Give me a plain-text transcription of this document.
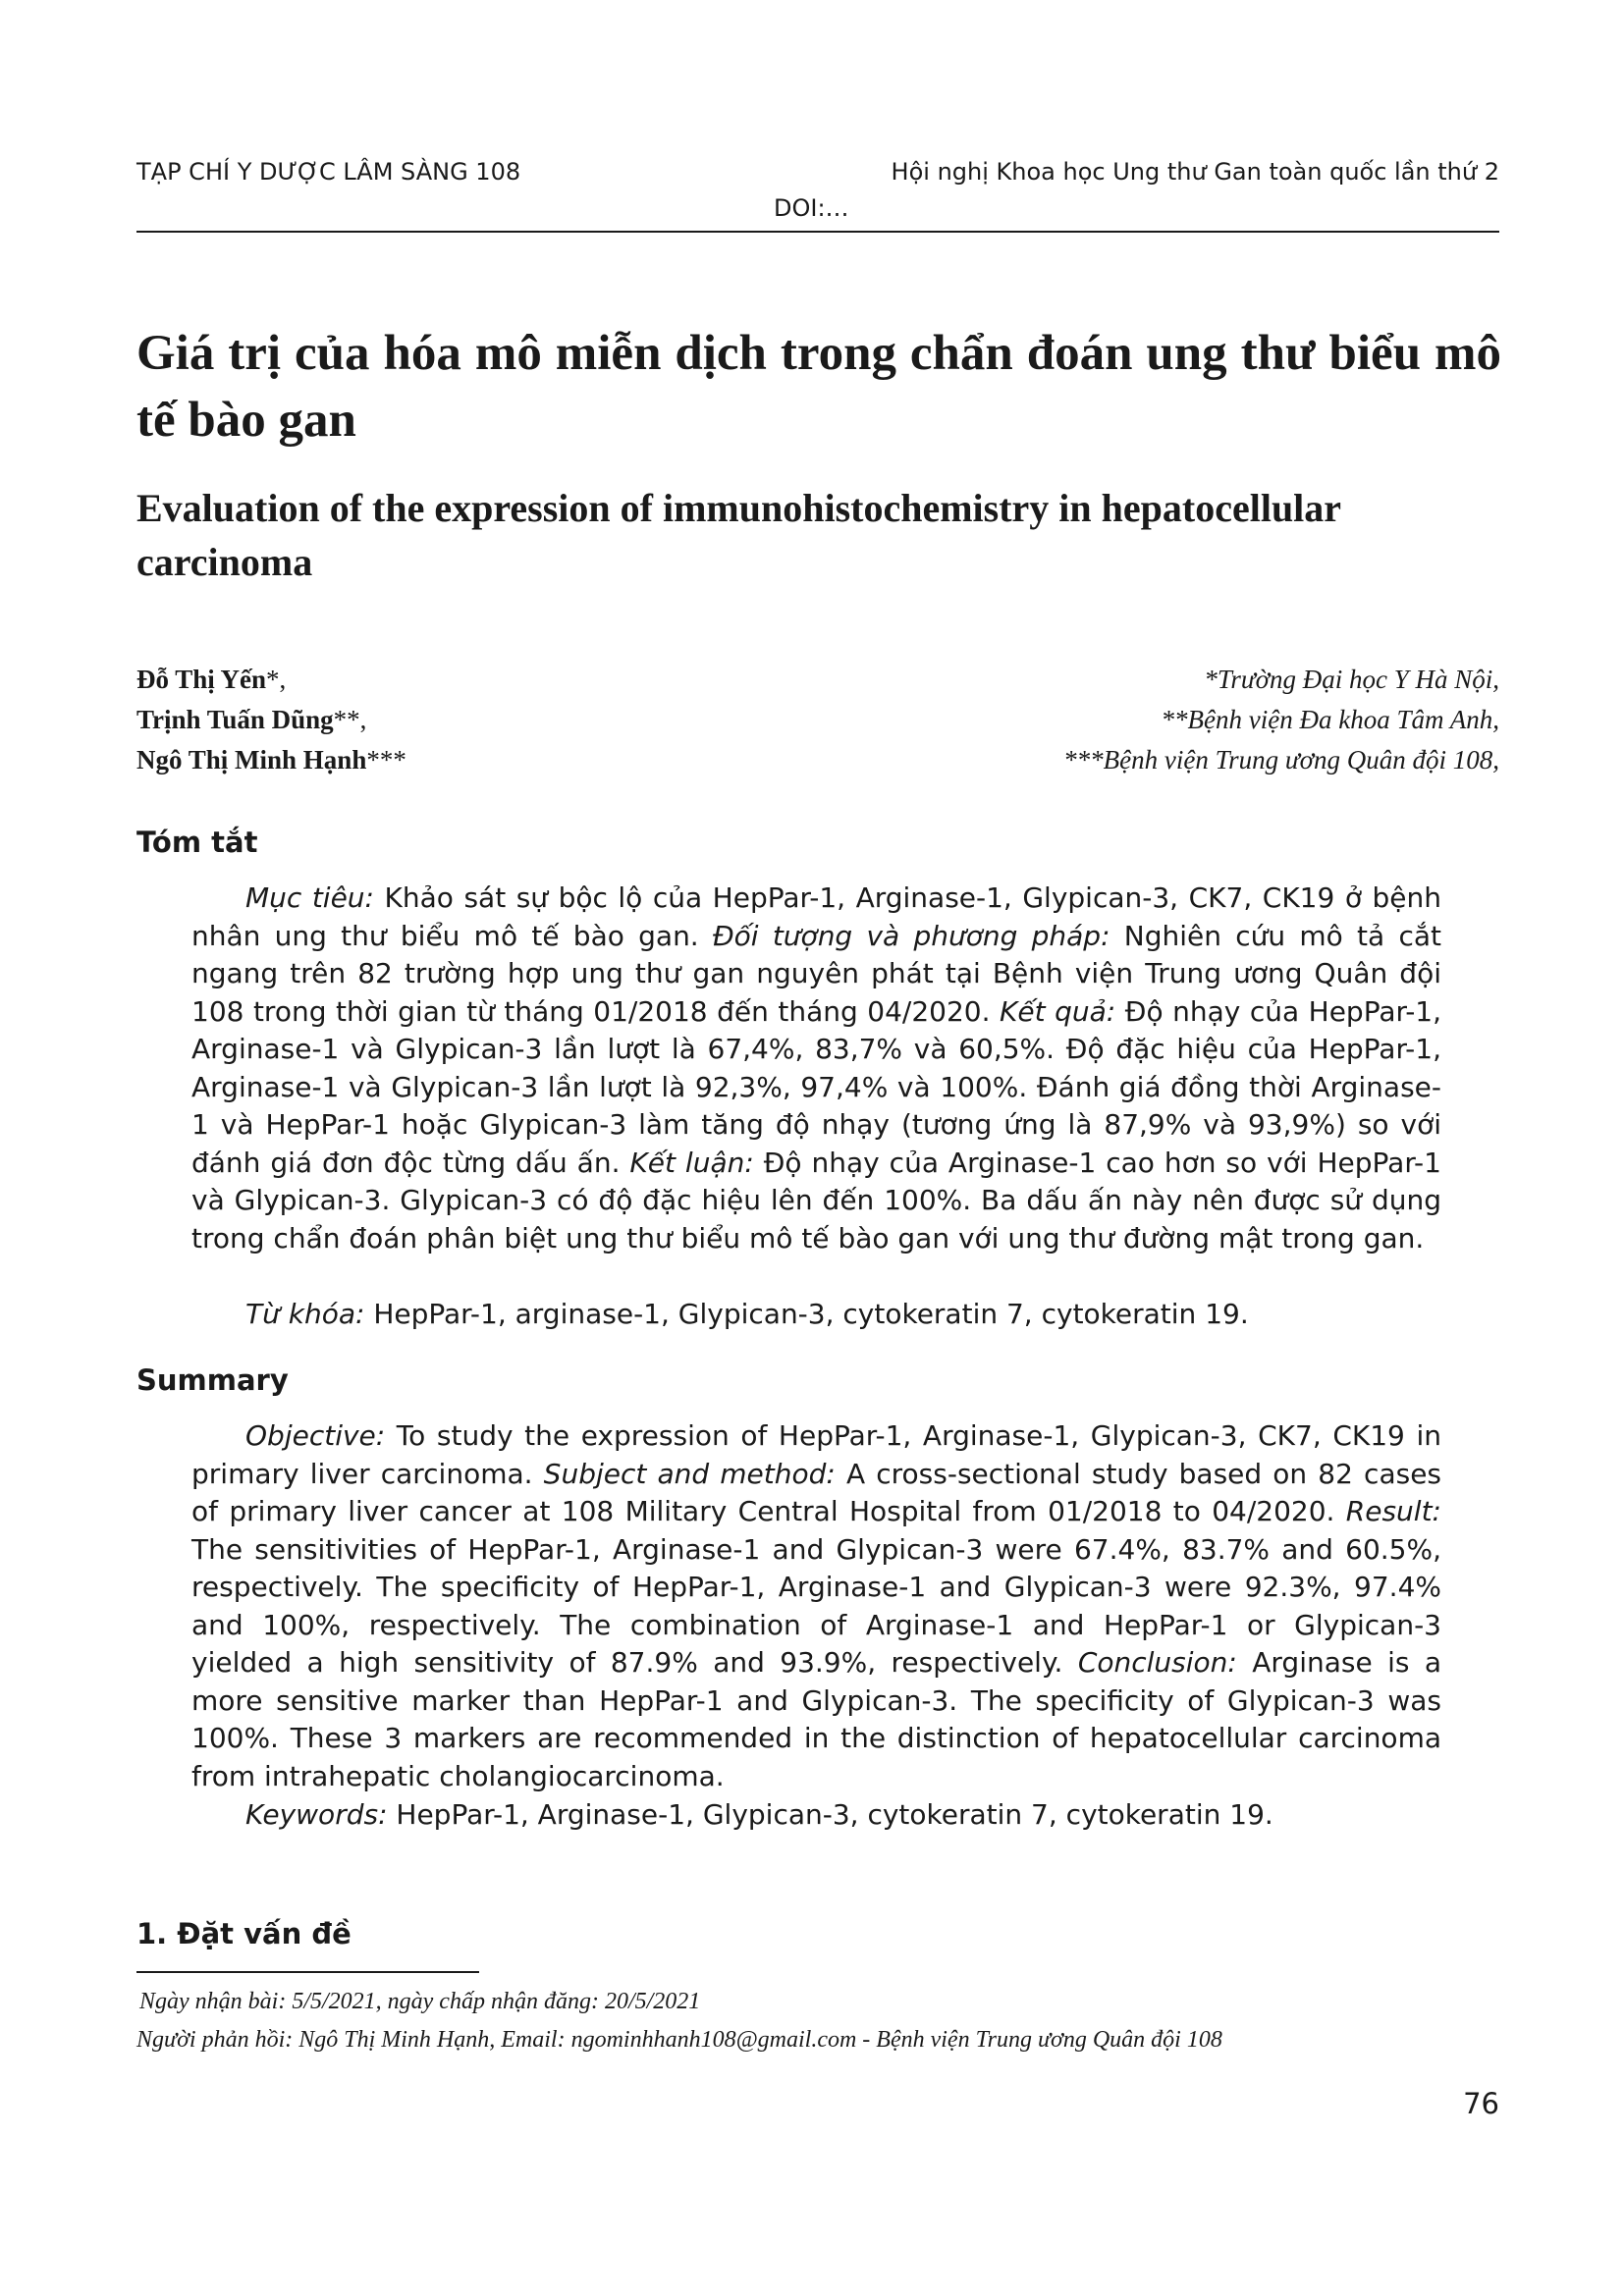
TẠP CHÍ Y DƯỢC LÂM SÀNG 108	Hội nghị Khoa học Ung thư Gan toàn quốc lần thứ 2
DOI:…
Giá trị của hóa mô miễn dịch trong chẩn đoán ung thư biểu mô tế bào gan
Evaluation of the expression of immunohistochemistry in hepatocellular carcinoma
Đỗ Thị Yến*,	*Trường Đại học Y Hà Nội,
Trịnh Tuấn Dũng**,	**Bệnh viện Đa khoa Tâm Anh,
Ngô Thị Minh Hạnh***	***Bệnh viện Trung ương Quân đội 108,
Tóm tắt

Mục tiêu: Khảo sát sự bộc lộ của HepPar-1, Arginase-1, Glypican-3, CK7, CK19 ở bệnh nhân ung thư biểu mô tế bào gan. Đối tượng và phương pháp: Nghiên cứu mô tả cắt ngang trên 82 trường hợp ung thư gan nguyên phát tại Bệnh viện Trung ương Quân đội 108 trong thời gian từ tháng 01/2018 đến tháng 04/2020. Kết quả: Độ nhạy của HepPar-1, Arginase-1 và Glypican-3 lần lượt là 67,4%, 83,7% và 60,5%. Độ đặc hiệu của HepPar-1, Arginase-1 và Glypican-3 lần lượt là 92,3%, 97,4% và 100%. Đánh giá đồng thời Arginase-1 và HepPar-1 hoặc Glypican-3 làm tăng độ nhạy (tương ứng là 87,9% và 93,9%) so với đánh giá đơn độc từng dấu ấn. Kết luận: Độ nhạy của Arginase-1 cao hơn so với HepPar-1 và Glypican-3. Glypican-3 có độ đặc hiệu lên đến 100%. Ba dấu ấn này nên được sử dụng trong chẩn đoán phân biệt ung thư biểu mô tế bào gan với ung thư đường mật trong gan.

Từ khóa: HepPar-1, arginase-1, Glypican-3, cytokeratin 7, cytokeratin 19.

Summary

Objective: To study the expression of HepPar-1, Arginase-1, Glypican-3, CK7, CK19 in primary liver carcinoma. Subject and method: A cross-sectional study based on 82 cases of primary liver cancer at 108 Military Central Hospital from 01/2018 to 04/2020. Result: The sensitivities of HepPar-1, Arginase-1 and Glypican-3 were 67.4%, 83.7% and 60.5%, respectively. The specificity of HepPar-1, Arginase-1 and Glypican-3 were 92.3%, 97.4% and 100%, respectively. The combination of Arginase-1 and HepPar-1 or Glypican-3 yielded a high sensitivity of 87.9% and 93.9%, respectively. Conclusion: Arginase is a more sensitive marker than HepPar-1 and Glypican-3. The specificity of Glypican-3 was 100%. These 3 markers are recommended in the distinction of hepatocellular carcinoma from intrahepatic cholangiocarcinoma.

Keywords: HepPar-1, Arginase-1, Glypican-3, cytokeratin 7, cytokeratin 19.

1. Đặt vấn đề
Ngày nhận bài: 5/5/2021, ngày chấp nhận đăng: 20/5/2021
Người phản hồi: Ngô Thị Minh Hạnh, Email: ngominhhanh108@gmail.com - Bệnh viện Trung ương Quân đội 108
76
